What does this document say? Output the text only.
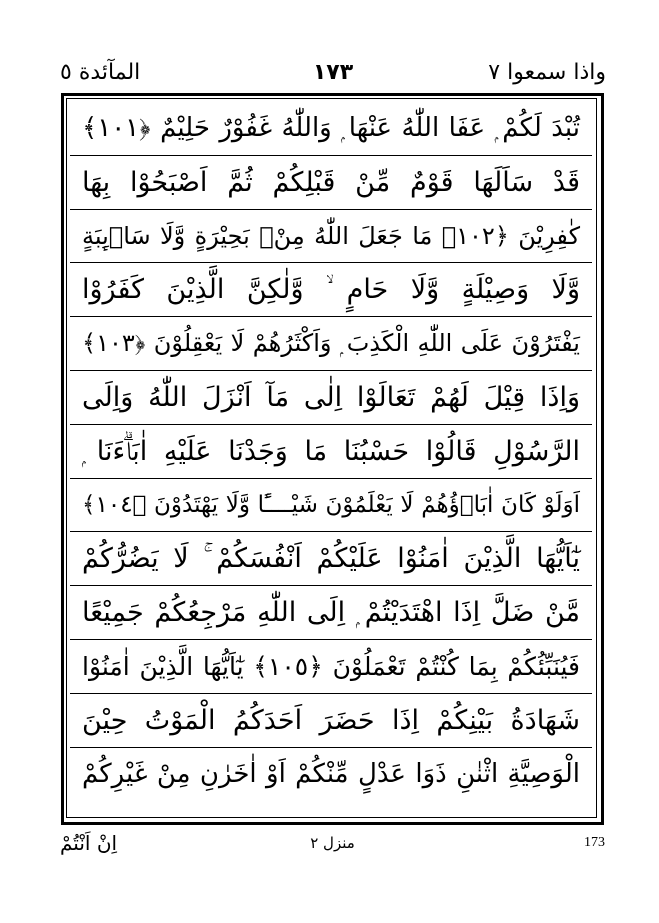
المآئدة ٥	١٧٣	واذا سمعوا ٧
تُبْدَ لَكُمْ ۭ عَفَا اللّٰهُ عَنْهَا ۭ وَاللّٰهُ غَفُوْرٌ حَلِيْمٌ ﴿١٠١﴾
قَدْ سَاَلَهَا قَوْمٌ مِّنْ قَبْلِكُمْ ثُمَّ اَصْبَحُوْا بِهَا
كٰفِرِيْنَ ﴿١٠٢﴾ مَا جَعَلَ اللّٰهُ مِنْۢ بَحِيْرَةٍ وَّلَا سَاۗىِٕبَةٍ
وَّلَا وَصِيْلَةٍ وَّلَا حَامٍ ۙ وَّلٰكِنَّ الَّذِيْنَ كَفَرُوْا
يَفْتَرُوْنَ عَلَى اللّٰهِ الْكَذِبَ ۭ وَاَكْثَرُهُمْ لَا يَعْقِلُوْنَ ﴿١٠٣﴾
وَاِذَا قِيْلَ لَهُمْ تَعَالَوْا اِلٰى مَآ اَنْزَلَ اللّٰهُ وَاِلَى
الرَّسُوْلِ قَالُوْا حَسْبُنَا مَا وَجَدْنَا عَلَيْهِ اٰبَاۗءَنَا ۭ
اَوَلَوْ كَانَ اٰبَاۗؤُهُمْ لَا يَعْلَمُوْنَ شَيْــــًٔا وَّلَا يَهْتَدُوْنَ ﴿١٠٤﴾
يٰٓاَيُّهَا الَّذِيْنَ اٰمَنُوْا عَلَيْكُمْ اَنْفُسَكُمْ ۚ لَا يَضُرُّكُمْ
مَّنْ ضَلَّ اِذَا اهْتَدَيْتُمْ ۭ اِلَى اللّٰهِ مَرْجِعُكُمْ جَمِيْعًا
فَيُنَبِّئُكُمْ بِمَا كُنْتُمْ تَعْمَلُوْنَ ﴿١٠٥﴾ يٰٓاَيُّهَا الَّذِيْنَ اٰمَنُوْا
شَهَادَةُ بَيْنِكُمْ اِذَا حَضَرَ اَحَدَكُمُ الْمَوْتُ حِيْنَ
الْوَصِيَّةِ اثْنٰنِ ذَوَا عَدْلٍ مِّنْكُمْ اَوْ اٰخَرٰنِ مِنْ غَيْرِكُمْ
اِنْ اَنْتُمْ	منزل ٢	173
